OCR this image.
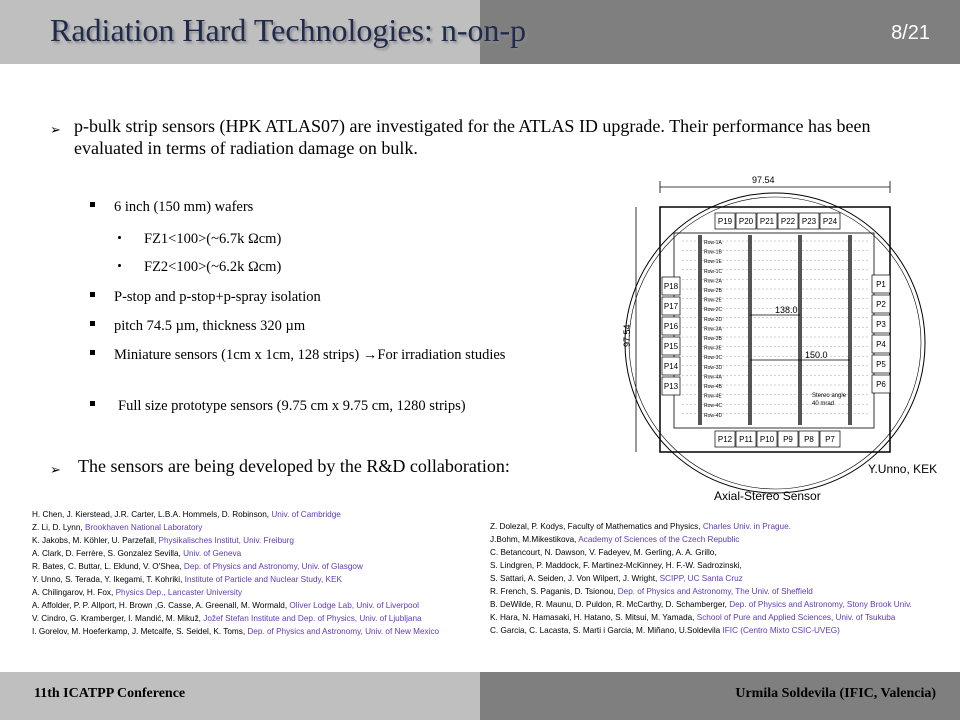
Radiation Hard Technologies: n-on-p	8/21
➢ p-bulk strip sensors (HPK ATLAS07) are investigated for the ATLAS ID upgrade. Their performance has been evaluated in terms of radiation damage on bulk.
6 inch (150 mm) wafers
FZ1<100>(~6.7k Ωcm)
FZ2<100>(~6.2k Ωcm)
P-stop and p-stop+p-spray isolation
pitch 74.5 µm, thickness 320 µm
Miniature sensors (1cm x 1cm, 128 strips) →For irradiation studies
Full size prototype sensors (9.75 cm x 9.75 cm, 1280 strips)
➢ The sensors are being developed by the R&D collaboration:
97.54
97.54
P19 P20 P21 P22 P23 P24
P12 P11 P10 P9 P8 P7
P18
P17
P16
P15
P14
P13
P1
P2
P3
P4
P5
P6
Row-1A
Row-1B
Row-1E
Row-1C
Row-2A
Row-2B
Row-2E
Row-2C
Row-2D
Row-3A
Row-3B
Row-3E
Row-3C
Row-3D
Row-4A
Row-4B
Row-4E
Row-4C
Row-4D
138.0
150.0
Stereo angle
40 mrad
Y.Unno, KEK
Axial-Stereo Sensor
H. Chen, J. Kierstead, J.R. Carter, L.B.A. Hommels, D. Robinson, Univ. of Cambridge
Z. Li, D. Lynn, Brookhaven National Laboratory
K. Jakobs, M. Köhler, U. Parzefall, Physikalisches Institut, Univ. Freiburg
A. Clark, D. Ferrère, S. Gonzalez Sevilla, Univ. of Geneva
R. Bates, C. Buttar, L. Eklund, V. O'Shea, Dep. of Physics and Astronomy, Univ. of Glasgow
Y. Unno, S. Terada, Y. Ikegami, T. Kohriki, Institute of Particle and Nuclear Study, KEK
A. Chilingarov, H. Fox, Physics Dep., Lancaster University
A. Affolder, P. P. Allport, H. Brown ,G. Casse, A. Greenall, M. Wormald, Oliver Lodge Lab, Univ. of Liverpool
V. Cindro, G. Kramberger, I. Mandić, M. Mikuž, Jožef Stefan Institute and Dep. of Physics, Univ. of Ljubljana
I. Gorelov, M. Hoeferkamp, J. Metcalfe, S. Seidel, K. Toms, Dep. of Physics and Astronomy, Univ. of New Mexico
Z. Dolezal, P. Kodys, Faculty of Mathematics and Physics, Charles Univ. in Prague.
J.Bohm, M.Mikestikova, Academy of Sciences of the Czech Republic
C. Betancourt, N. Dawson, V. Fadeyev, M. Gerling, A. A. Grillo,
S. Lindgren, P. Maddock, F. Martinez-McKinney, H. F.-W. Sadrozinski,
S. Sattari, A. Seiden, J. Von Wilpert, J. Wright, SCIPP, UC Santa Cruz
R. French, S. Paganis, D. Tsionou, Dep. of Physics and Astronomy, The Univ. of Sheffield
B. DeWilde, R. Maunu, D. Puldon, R. McCarthy, D. Schamberger, Dep. of Physics and Astronomy, Stony Brook Univ.
K. Hara, N. Hamasaki, H. Hatano, S. Mitsui, M. Yamada, School of Pure and Applied Sciences, Univ. of Tsukuba
C. Garcia, C. Lacasta, S. Marti i Garcia, M. Miñano, U.Soldevila IFIC (Centro Mixto CSIC-UVEG)
11th ICATPP Conference	Urmila Soldevila (IFIC, Valencia)
